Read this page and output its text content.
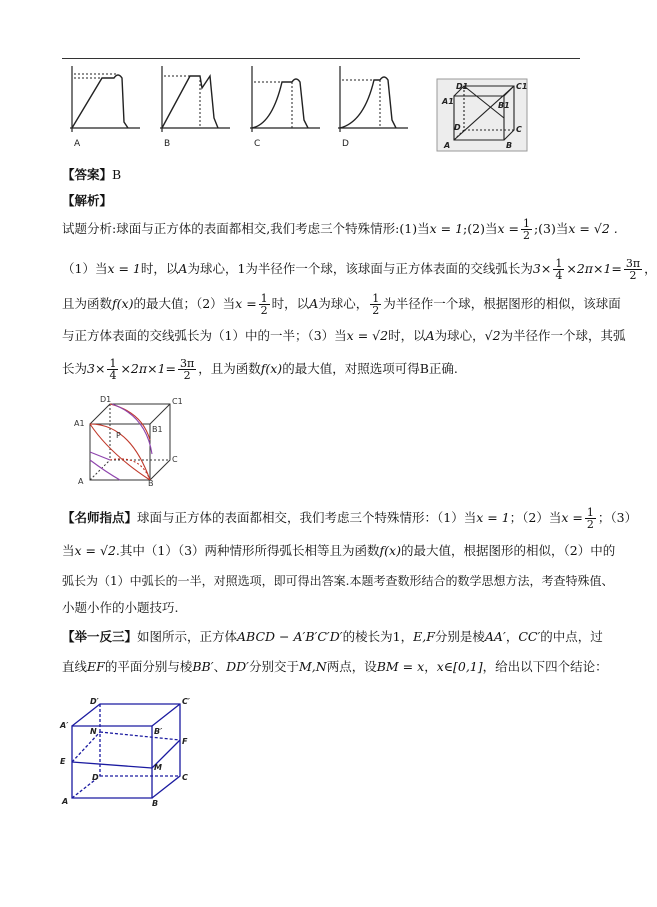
A	B	C	D
D1	C1
A1	B1
D	C
A	B
【答案】B
【解析】
试题分析:球面与正方体的表面都相交,我们考虑三个特殊情形:(1)当x = 1;(2)当$x = \frac{1}{2}$ ;(3)当x = √2 .
（1）当x = 1时，以A为球心，1为半径作一个球，该球面与正方体表面的交线弧长为$3\times \frac{1}{4} \times 2\pi\times 1= \frac{3\pi}{2}$ ，
且为函数f(x)的最大值；（2）当$x = \frac{1}{2}$ 时，以A为球心， $\frac{1}{2}$ 为半径作一个球，根据图形的相似，该球面
与正方体表面的交线弧长为（1）中的一半；（3）当x = √2时，以A为球心，√2为半径作一个球，其弧
长为$3\times \frac{1}{4} \times 2\pi\times 1= \frac{3\pi}{2}$ ，且为函数f(x)的最大值，对照选项可得B正确.
D1	C1
A1
B1
P
A	B
C
【名师指点】球面与正方体的表面都相交，我们考虑三个特殊情形：（1）当x = 1；（2）当$x = \frac{1}{2}$ ；（3）
当x = √2.其中（1）（3）两种情形所得弧长相等且为函数f(x)的最大值，根据图形的相似，（2）中的
弧长为（1）中弧长的一半，对照选项，即可得出答案.本题考查数形结合的数学思想方法，考查特殊值、
小题小作的小题技巧.
【举一反三】如图所示，正方体ABCD − A′B′C′D′的棱长为1，E,F分别是棱AA′，CC′的中点，过
直线EF的平面分别与棱BB′、DD′分别交于M,N两点，设BM = x，x∈[0,1]，给出以下四个结论：
D′	C′
A′
B′
N
F
E
D
M
C
A	B
